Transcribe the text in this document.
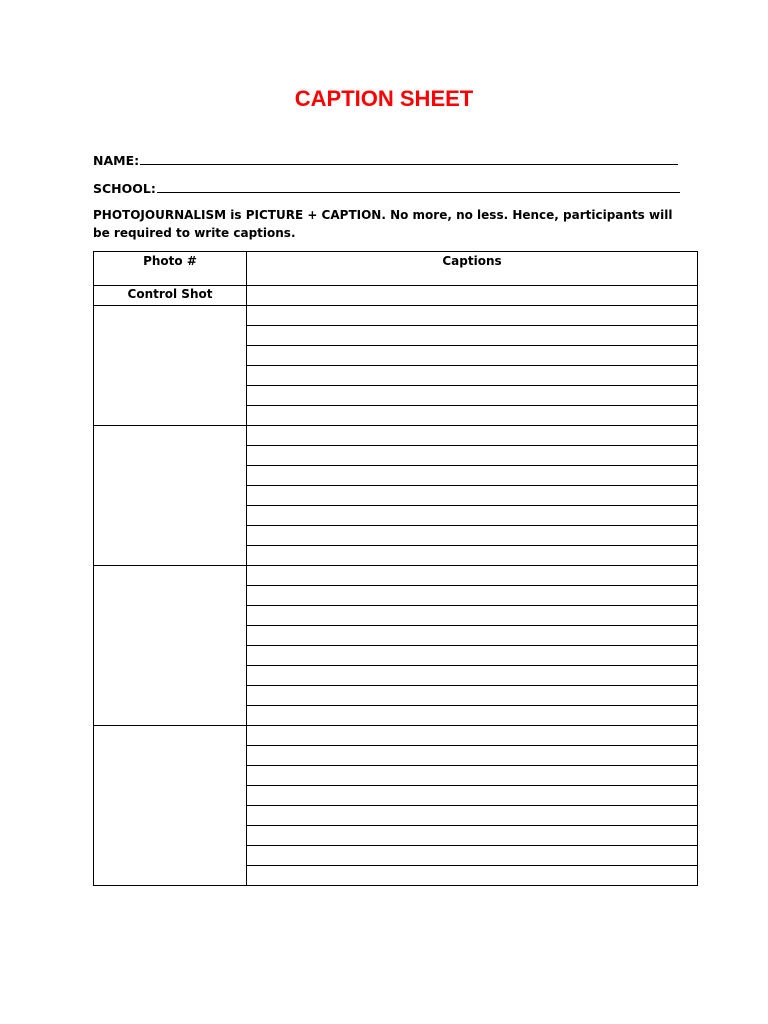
CAPTION SHEET
NAME:
SCHOOL:
PHOTOJOURNALISM is PICTURE + CAPTION. No more, no less. Hence, participants will be required to write captions.
Photo #	Captions
Control Shot	
